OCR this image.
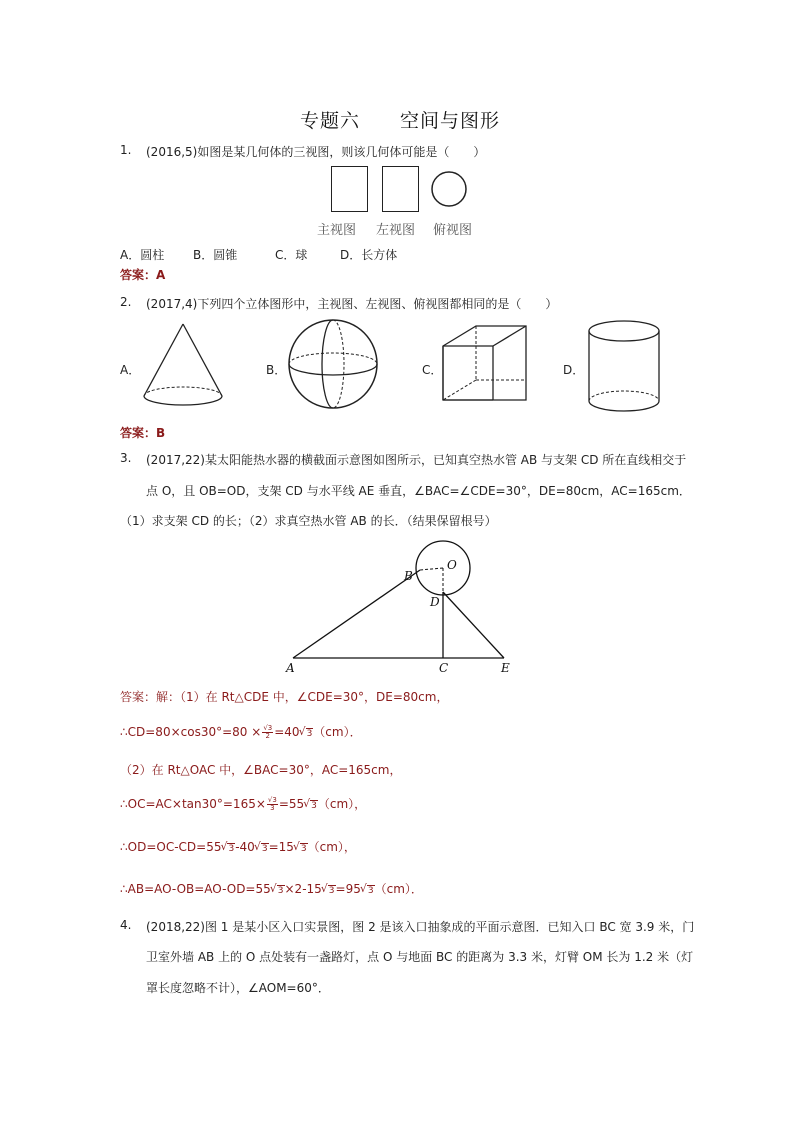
专题六　　空间与图形
1. (2016,5)如图是某几何体的三视图，则该几何体可能是（　　）
主视图 左视图 俯视图
A．圆柱 B．圆锥	C．球	D．长方体
答案：A
2. (2017,4)下列四个立体图形中，主视图、左视图、俯视图都相同的是（　　）
A．	B．	C．	D．
答案：B
3. (2017,22)某太阳能热水器的横截面示意图如图所示，已知真空热水管 AB 与支架 CD 所在直线相交于
点 O，且 OB=OD，支架 CD 与水平线 AE 垂直，∠BAC=∠CDE=30°，DE=80cm，AC=165cm．
（1）求支架 CD 的长；（2）求真空热水管 AB 的长．（结果保留根号）
O
B
D
A	C	E
答案：解：（1）在 Rt△CDE 中，∠CDE=30°，DE=80cm，
∴CD=80×cos30°=80 × $\frac{√3}{2} =40√$ 3（cm）．
（2）在 Rt△OAC 中，∠BAC=30°，AC=165cm，
∴OC=AC×tan30°=165× $\frac{√3}{3} =55√$ 3（cm），
∴OD=OC-CD=55√ 3-40√ 3=15√ 3（cm），
∴AB=AO-OB=AO-OD=55√ 3×2-15√ 3=95√ 3（cm）．
4. (2018,22)图 1 是某小区入口实景图，图 2 是该入口抽象成的平面示意图．已知入口 BC 宽 3.9 米，门
卫室外墙 AB 上的 O 点处装有一盏路灯，点 O 与地面 BC 的距离为 3.3 米，灯臂 OM 长为 1.2 米（灯
罩长度忽略不计），∠AOM=60°．
